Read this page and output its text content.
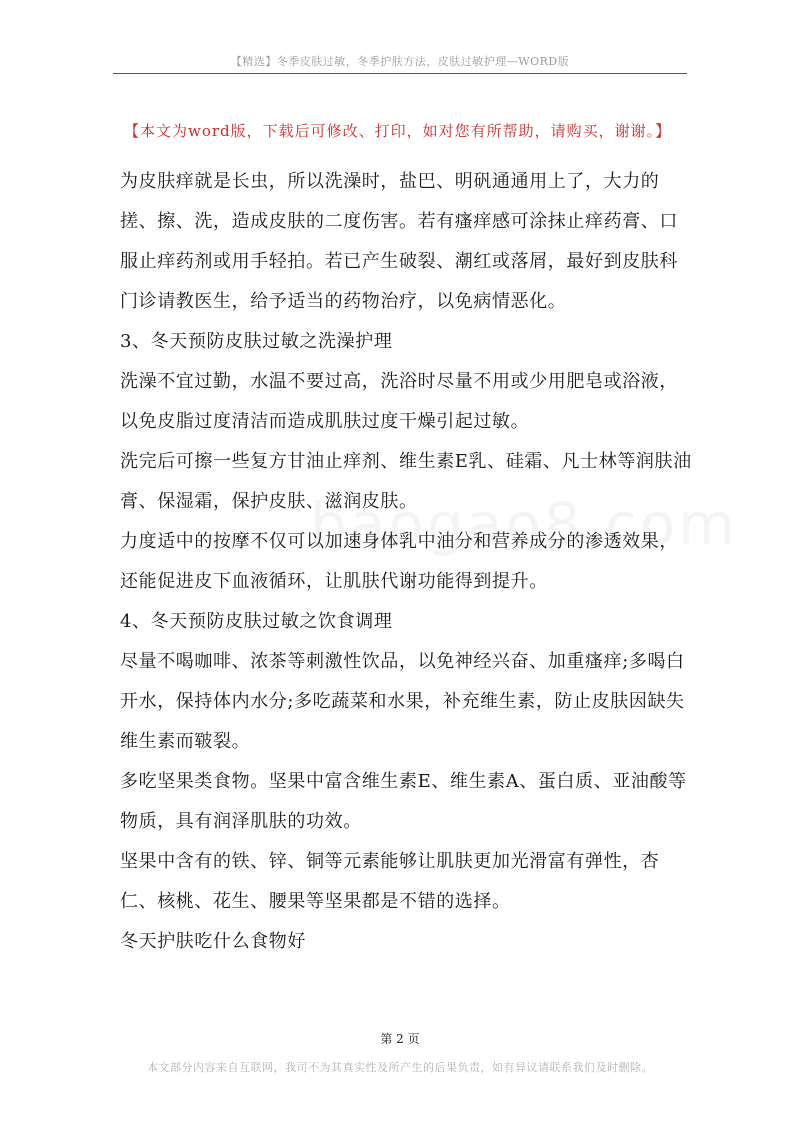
【精选】冬季皮肤过敏，冬季护肤方法，皮肤过敏护理—WORD版
【本文为word版，下载后可修改、打印，如对您有所帮助，请购买，谢谢。】

为皮肤痒就是长虫，所以洗澡时，盐巴、明矾通通用上了，大力的搓、擦、洗，造成皮肤的二度伤害。若有瘙痒感可涂抹止痒药膏、口服止痒药剂或用手轻拍。若已产生破裂、潮红或落屑，最好到皮肤科门诊请教医生，给予适当的药物治疗，以免病情恶化。

3、冬天预防皮肤过敏之洗澡护理

洗澡不宜过勤，水温不要过高，洗浴时尽量不用或少用肥皂或浴液，以免皮脂过度清洁而造成肌肤过度干燥引起过敏。

洗完后可擦一些复方甘油止痒剂、维生素E乳、硅霜、凡士林等润肤油膏、保湿霜，保护皮肤、滋润皮肤。

力度适中的按摩不仅可以加速身体乳中油分和营养成分的渗透效果，还能促进皮下血液循环，让肌肤代谢功能得到提升。

4、冬天预防皮肤过敏之饮食调理

尽量不喝咖啡、浓茶等刺激性饮品，以免神经兴奋、加重瘙痒;多喝白开水，保持体内水分;多吃蔬菜和水果，补充维生素，防止皮肤因缺失维生素而皲裂。

多吃坚果类食物。坚果中富含维生素E、维生素A、蛋白质、亚油酸等物质，具有润泽肌肤的功效。

坚果中含有的铁、锌、铜等元素能够让肌肤更加光滑富有弹性，杏仁、核桃、花生、腰果等坚果都是不错的选择。

冬天护肤吃什么食物好

第 2 页
本文部分内容来自互联网，我司不为其真实性及所产生的后果负责，如有异议请联系我们及时删除。
